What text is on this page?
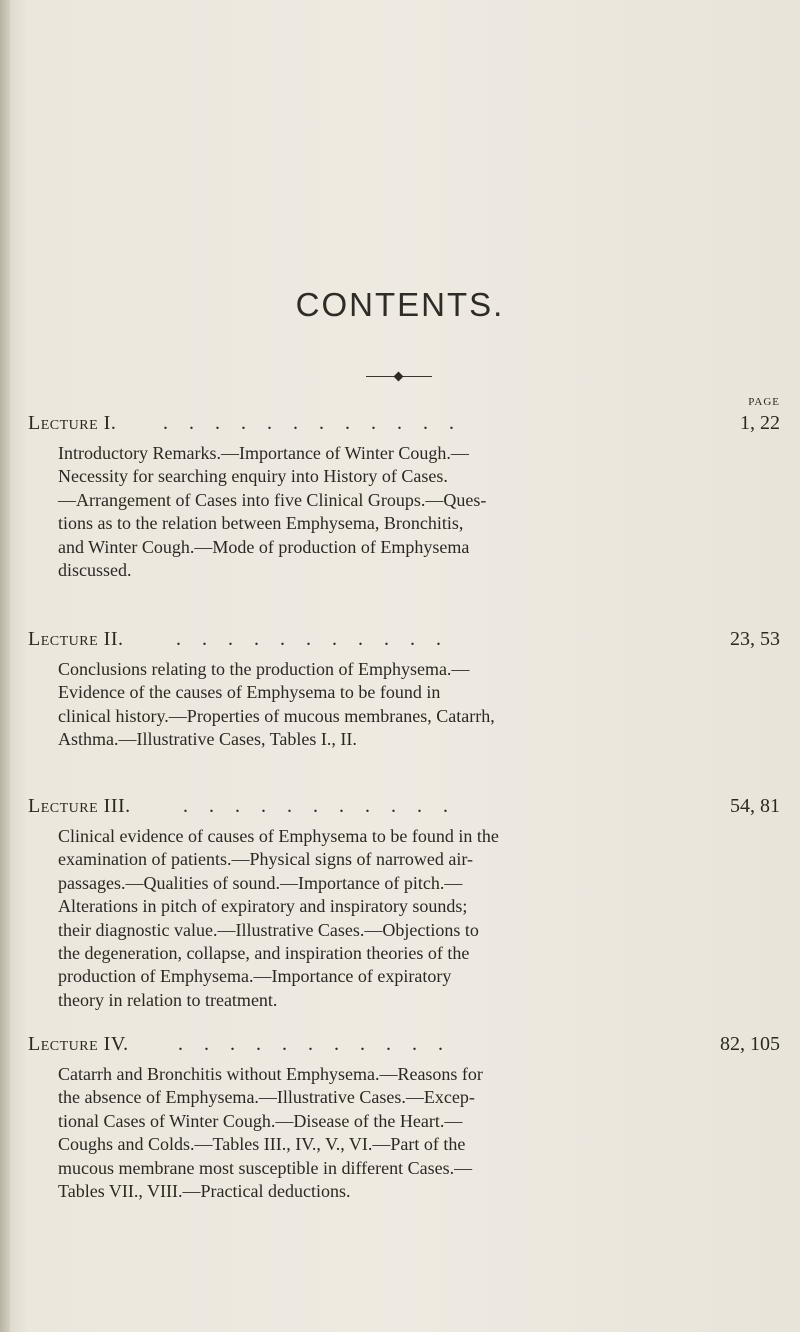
CONTENTS.
PAGE
Lecture I. . . . . . . . . . . . .	1, 22
Introductory Remarks.—Importance of Winter Cough.—
Necessity for searching enquiry into History of Cases.
—Arrangement of Cases into five Clinical Groups.—Ques-
tions as to the relation between Emphysema, Bronchitis,
and Winter Cough.—Mode of production of Emphysema
discussed.
Lecture II.	. . . . . . . . . . .	23, 53
Conclusions relating to the production of Emphysema.—
Evidence of the causes of Emphysema to be found in
clinical history.—Properties of mucous membranes, Catarrh,
Asthma.—Illustrative Cases, Tables I., II.
Lecture III.	. . . . . . . . . . .	54, 81
Clinical evidence of causes of Emphysema to be found in the
examination of patients.—Physical signs of narrowed air-
passages.—Qualities of sound.—Importance of pitch.—
Alterations in pitch of expiratory and inspiratory sounds;
their diagnostic value.—Illustrative Cases.—Objections to
the degeneration, collapse, and inspiration theories of the
production of Emphysema.—Importance of expiratory
theory in relation to treatment.
Lecture IV. . . . . . . . . . . .	82, 105
Catarrh and Bronchitis without Emphysema.—Reasons for
the absence of Emphysema.—Illustrative Cases.—Excep-
tional Cases of Winter Cough.—Disease of the Heart.—
Coughs and Colds.—Tables III., IV., V., VI.—Part of the
mucous membrane most susceptible in different Cases.—
Tables VII., VIII.—Practical deductions.
